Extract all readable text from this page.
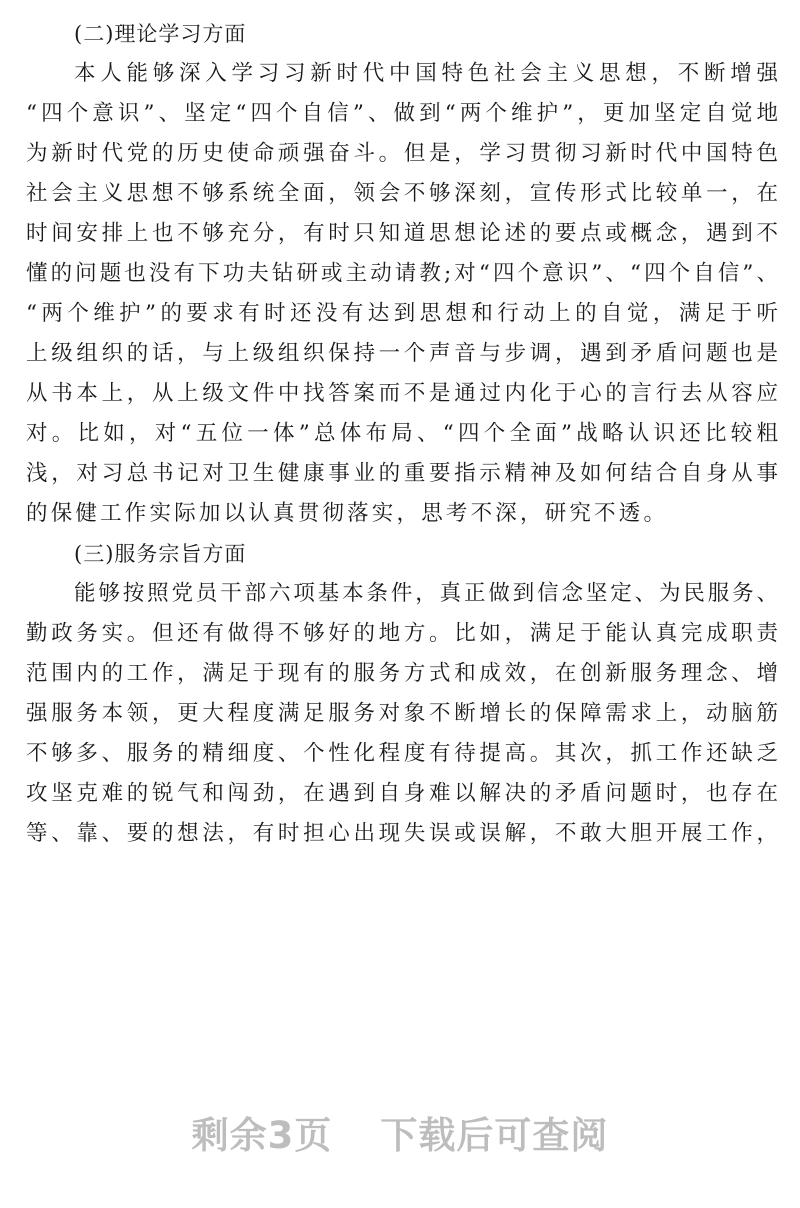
(二)理论学习方面
本人能够深入学习习新时代中国特色社会主义思想，不断增强
“四个意识”、坚定“四个自信”、做到“两个维护”，更加坚定自觉地
为新时代党的历史使命顽强奋斗。但是，学习贯彻习新时代中国特色
社会主义思想不够系统全面，领会不够深刻，宣传形式比较单一，在
时间安排上也不够充分，有时只知道思想论述的要点或概念，遇到不
懂的问题也没有下功夫钻研或主动请教;对“四个意识”、“四个自信”、
“两个维护”的要求有时还没有达到思想和行动上的自觉，满足于听
上级组织的话，与上级组织保持一个声音与步调，遇到矛盾问题也是
从书本上，从上级文件中找答案而不是通过内化于心的言行去从容应
对。比如，对“五位一体”总体布局、“四个全面”战略认识还比较粗
浅，对习总书记对卫生健康事业的重要指示精神及如何结合自身从事
的保健工作实际加以认真贯彻落实，思考不深，研究不透。
(三)服务宗旨方面
能够按照党员干部六项基本条件，真正做到信念坚定、为民服务、
勤政务实。但还有做得不够好的地方。比如，满足于能认真完成职责
范围内的工作，满足于现有的服务方式和成效，在创新服务理念、增
强服务本领，更大程度满足服务对象不断增长的保障需求上，动脑筋
不够多、服务的精细度、个性化程度有待提高。其次，抓工作还缺乏
攻坚克难的锐气和闯劲，在遇到自身难以解决的矛盾问题时，也存在
等、靠、要的想法，有时担心出现失误或误解，不敢大胆开展工作，
剩余3页 下载后可查阅
